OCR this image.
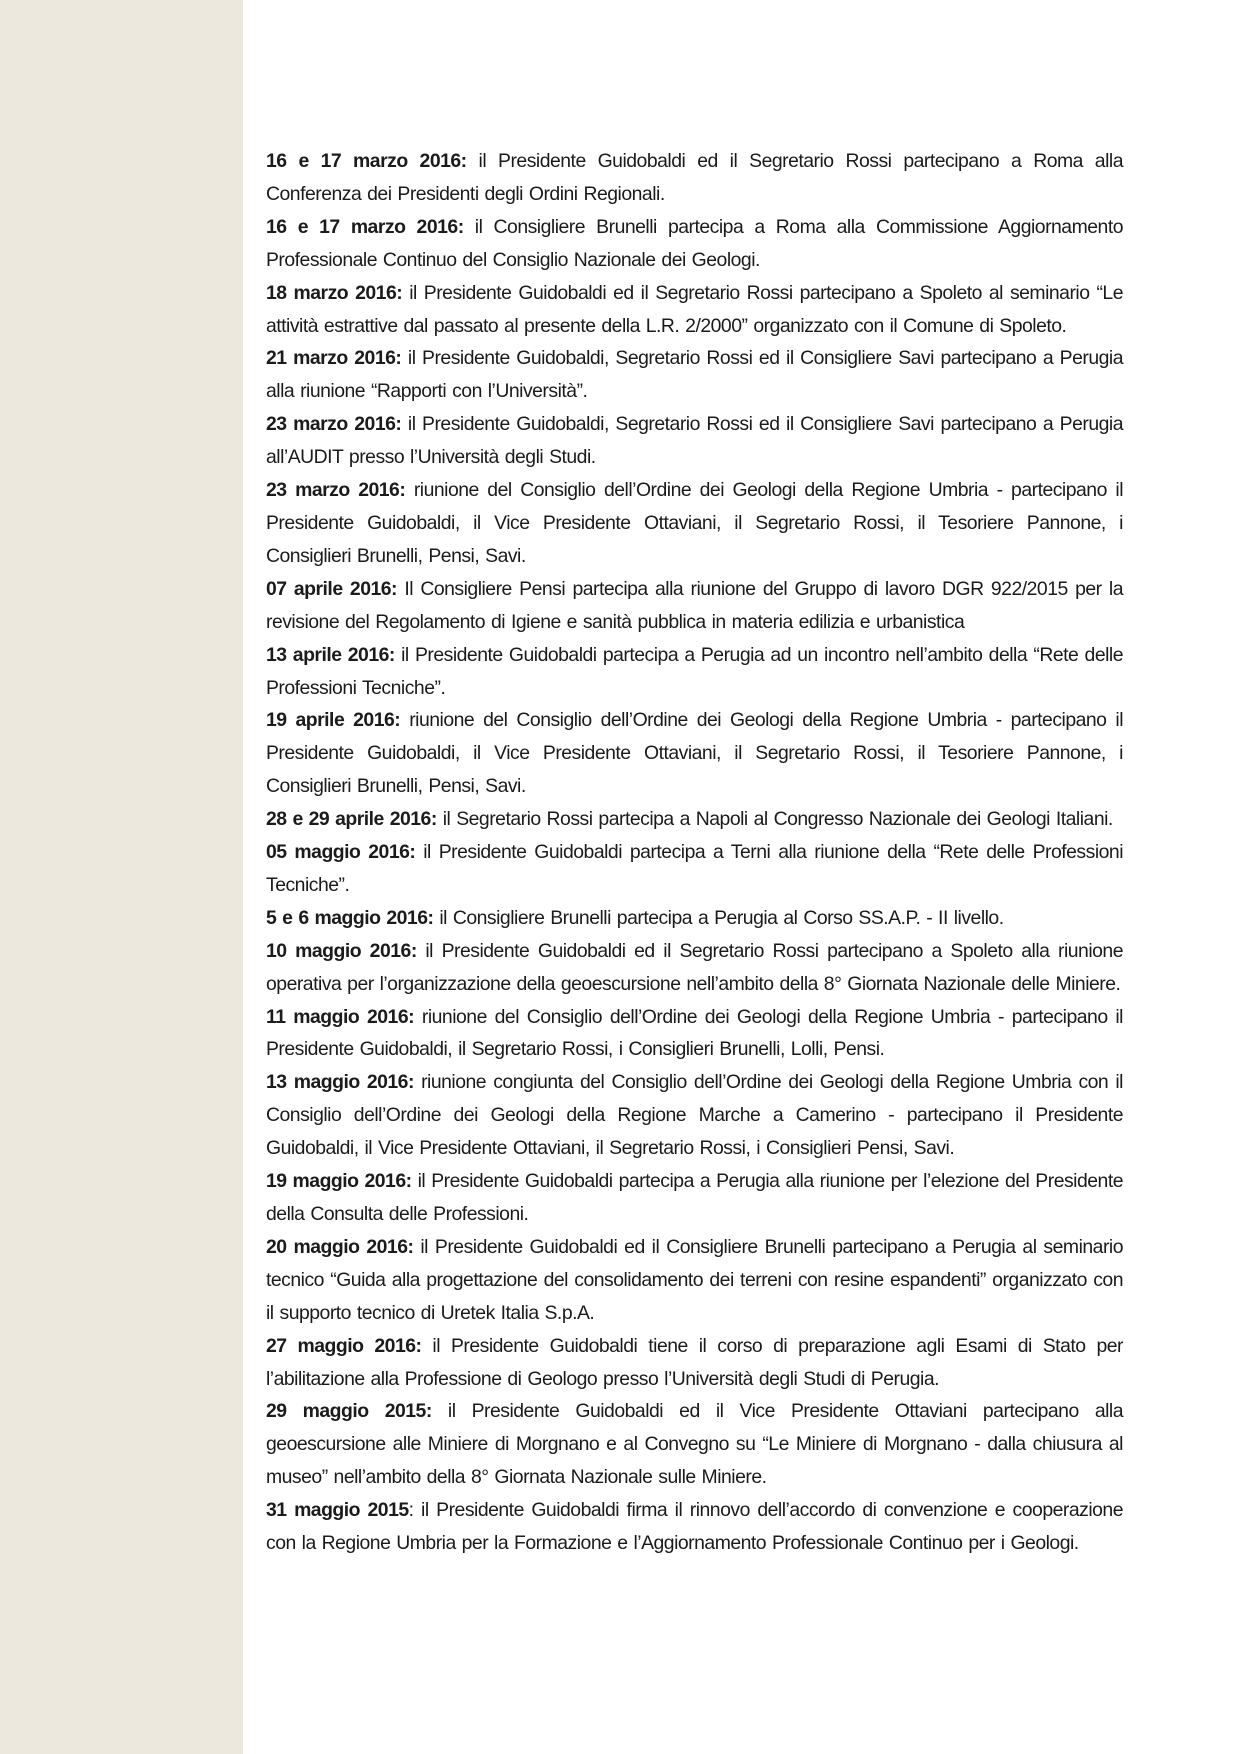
16 e 17 marzo 2016: il Presidente Guidobaldi ed il Segretario Rossi partecipano a Roma alla Conferenza dei Presidenti degli Ordini Regionali.

16 e 17 marzo 2016: il Consigliere Brunelli partecipa a Roma alla Commissione Aggiornamento Professionale Continuo del Consiglio Nazionale dei Geologi.

18 marzo 2016: il Presidente Guidobaldi ed il Segretario Rossi partecipano a Spoleto al seminario “Le attività estrattive dal passato al presente della L.R. 2/2000” organizzato con il Comune di Spoleto.

21 marzo 2016: il Presidente Guidobaldi, Segretario Rossi ed il Consigliere Savi partecipano a Perugia alla riunione “Rapporti con l’Università”.

23 marzo 2016: il Presidente Guidobaldi, Segretario Rossi ed il Consigliere Savi partecipano a Perugia all’AUDIT presso l’Università degli Studi.

23 marzo 2016: riunione del Consiglio dell’Ordine dei Geologi della Regione Umbria - partecipano il Presidente Guidobaldi, il Vice Presidente Ottaviani, il Segretario Rossi, il Tesoriere Pannone, i Consiglieri Brunelli, Pensi, Savi.

07 aprile 2016: Il Consigliere Pensi partecipa alla riunione del Gruppo di lavoro DGR 922/2015 per la revisione del Regolamento di Igiene e sanità pubblica in materia edilizia e urbanistica

13 aprile 2016: il Presidente Guidobaldi partecipa a Perugia ad un incontro nell’ambito della “Rete delle Professioni Tecniche”.

19 aprile 2016: riunione del Consiglio dell’Ordine dei Geologi della Regione Umbria - partecipano il Presidente Guidobaldi, il Vice Presidente Ottaviani, il Segretario Rossi, il Tesoriere Pannone, i Consiglieri Brunelli, Pensi, Savi.

28 e 29 aprile 2016: il Segretario Rossi partecipa a Napoli al Congresso Nazionale dei Geologi Italiani.

05 maggio 2016: il Presidente Guidobaldi partecipa a Terni alla riunione della “Rete delle Professioni Tecniche”.

5 e 6 maggio 2016: il Consigliere Brunelli partecipa a Perugia al Corso SS.A.P. - II livello.

10 maggio 2016: il Presidente Guidobaldi ed il Segretario Rossi partecipano a Spoleto alla riunione operativa per l’organizzazione della geoescursione nell’ambito della 8° Giornata Nazionale delle Miniere.

11 maggio 2016: riunione del Consiglio dell’Ordine dei Geologi della Regione Umbria - partecipano il Presidente Guidobaldi, il Segretario Rossi, i Consiglieri Brunelli, Lolli, Pensi.

13 maggio 2016: riunione congiunta del Consiglio dell’Ordine dei Geologi della Regione Umbria con il Consiglio dell’Ordine dei Geologi della Regione Marche a Camerino - partecipano il Presidente Guidobaldi, il Vice Presidente Ottaviani, il Segretario Rossi, i Consiglieri Pensi, Savi.

19 maggio 2016: il Presidente Guidobaldi partecipa a Perugia alla riunione per l’elezione del Presidente della Consulta delle Professioni.

20 maggio 2016: il Presidente Guidobaldi ed il Consigliere Brunelli partecipano a Perugia al seminario tecnico “Guida alla progettazione del consolidamento dei terreni con resine espandenti” organizzato con il supporto tecnico di Uretek Italia S.p.A.

27 maggio 2016: il Presidente Guidobaldi tiene il corso di preparazione agli Esami di Stato per l’abilitazione alla Professione di Geologo presso l’Università degli Studi di Perugia.

29 maggio 2015: il Presidente Guidobaldi ed il Vice Presidente Ottaviani partecipano alla geoescursione alle Miniere di Morgnano e al Convegno su “Le Miniere di Morgnano - dalla chiusura al museo” nell’ambito della 8° Giornata Nazionale sulle Miniere.

31 maggio 2015: il Presidente Guidobaldi firma il rinnovo dell’accordo di convenzione e cooperazione con la Regione Umbria per la Formazione e l’Aggiornamento Professionale Continuo per i Geologi.
